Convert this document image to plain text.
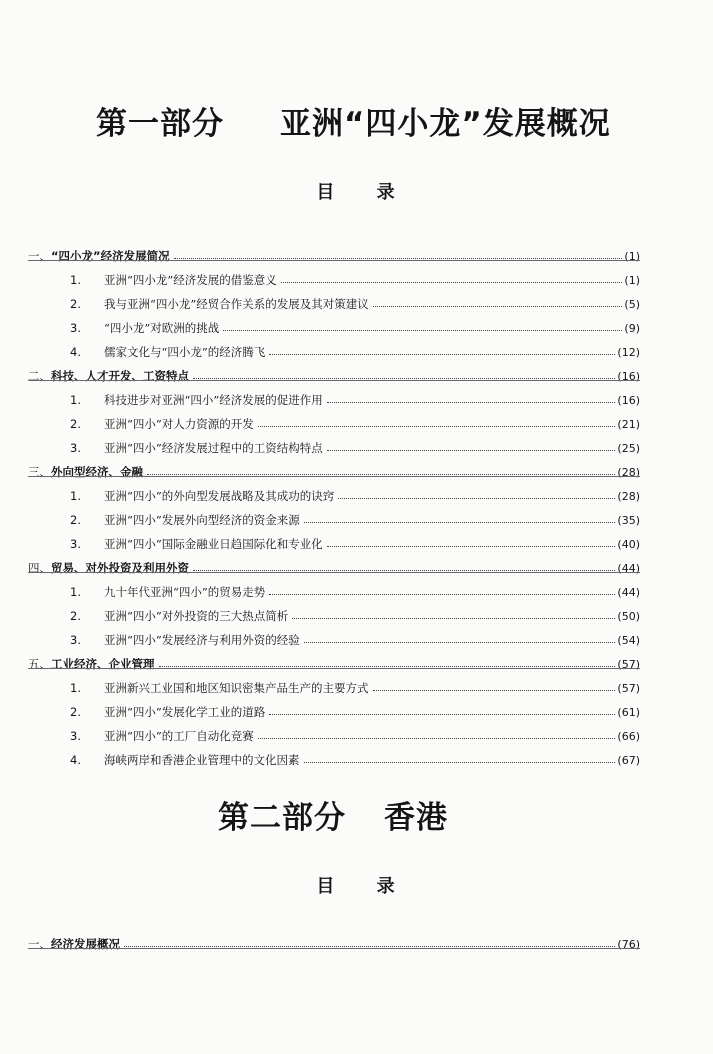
第一部分 亚洲“四小龙”发展概况
目 录
一、 “四小龙”经济发展简况	(1)
1.	亚洲“四小龙”经济发展的借鉴意义	(1)
2.	我与亚洲“四小龙”经贸合作关系的发展及其对策建议	(5)
3.	“四小龙”对欧洲的挑战	(9)
4.	儒家文化与“四小龙”的经济腾飞	(12)
二、 科技、人才开发、工资特点	(16)
1.	科技进步对亚洲“四小”经济发展的促进作用	(16)
2.	亚洲“四小”对人力资源的开发	(21)
3.	亚洲“四小”经济发展过程中的工资结构特点	(25)
三、 外向型经济、金融	(28)
1.	亚洲“四小”的外向型发展战略及其成功的诀窍	(28)
2.	亚洲“四小”发展外向型经济的资金来源	(35)
3.	亚洲“四小”国际金融业日趋国际化和专业化	(40)
四、 贸易、对外投资及利用外资	(44)
1.	九十年代亚洲“四小”的贸易走势	(44)
2.	亚洲“四小”对外投资的三大热点简析	(50)
3.	亚洲“四小”发展经济与利用外资的经验	(54)
五、 工业经济、企业管理	(57)
1.	亚洲新兴工业国和地区知识密集产品生产的主要方式	(57)
2.	亚洲“四小”发展化学工业的道路	(61)
3.	亚洲“四小”的工厂自动化竞赛	(66)
4.	海峡两岸和香港企业管理中的文化因素	(67)
第二部分 香港
目 录
一、 经济发展概况	(76)
